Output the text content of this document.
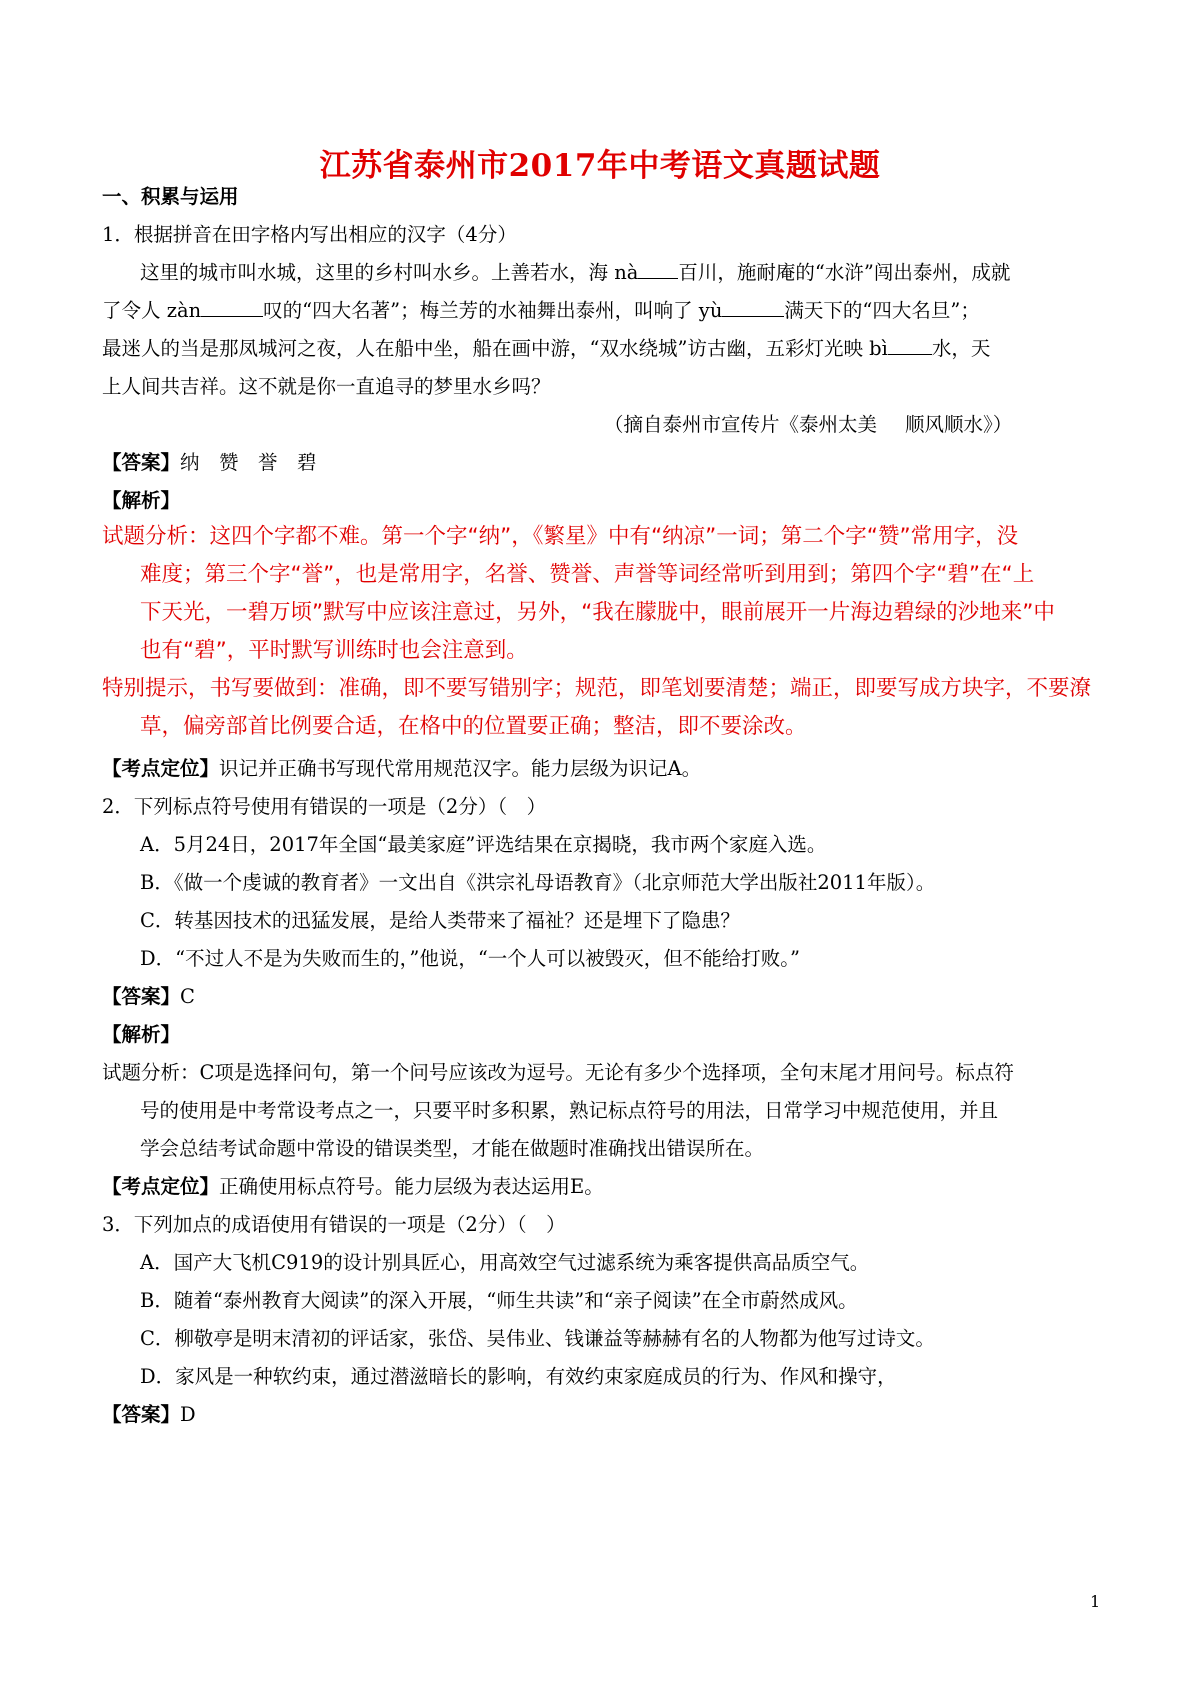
江苏省泰州市2017年中考语文真题试题
一、积累与运用
1．根据拼音在田字格内写出相应的汉字（4分）
这里的城市叫水城，这里的乡村叫水乡。上善若水，海 nà 百川，施耐庵的“水浒”闯出泰州，成就
了令人 zàn	叹的“四大名著”；梅兰芳的水袖舞出泰州，叫响了 yù	满天下的“四大名旦”；
最迷人的当是那凤城河之夜，人在船中坐，船在画中游，“双水绕城”访古幽，五彩灯光映 bì 水，天
上人间共吉祥。这不就是你一直追寻的梦里水乡吗？
（摘自泰州市宣传片《泰州太美 顺风顺水》）
【答案】纳　赞　誉　碧
【解析】
试题分析：这四个字都不难。第一个字“纳”，《繁星》中有“纳凉”一词；第二个字“赞”常用字，没
难度；第三个字“誉”，也是常用字，名誉、赞誉、声誉等词经常听到用到；第四个字“碧”在“上
下天光，一碧万顷”默写中应该注意过，另外，“我在朦胧中，眼前展开一片海边碧绿的沙地来”中
也有“碧”，平时默写训练时也会注意到。
特别提示，书写要做到：准确，即不要写错别字；规范，即笔划要清楚；端正，即要写成方块字，不要潦
草，偏旁部首比例要合适，在格中的位置要正确；整洁，即不要涂改。
【考点定位】识记并正确书写现代常用规范汉字。能力层级为识记A。
2．下列标点符号使用有错误的一项是（2分）（　）
A．5月24日，2017年全国“最美家庭”评选结果在京揭晓，我市两个家庭入选。
B．《做一个虔诚的教育者》一文出自《洪宗礼母语教育》（北京师范大学出版社2011年版）。
C．转基因技术的迅猛发展，是给人类带来了福祉？还是埋下了隐患？
D．“不过人不是为失败而生的，”他说，“一个人可以被毁灭，但不能给打败。”
【答案】C
【解析】
试题分析：C项是选择问句，第一个问号应该改为逗号。无论有多少个选择项，全句末尾才用问号。标点符
号的使用是中考常设考点之一，只要平时多积累，熟记标点符号的用法，日常学习中规范使用，并且
学会总结考试命题中常设的错误类型，才能在做题时准确找出错误所在。
【考点定位】正确使用标点符号。能力层级为表达运用E。
3．下列加点的成语使用有错误的一项是（2分）（　）
A．国产大飞机C919的设计别具匠心，用高效空气过滤系统为乘客提供高品质空气。
B．随着“泰州教育大阅读”的深入开展，“师生共读”和“亲子阅读”在全市蔚然成风。
C．柳敬亭是明末清初的评话家，张岱、吴伟业、钱谦益等赫赫有名的人物都为他写过诗文。
D．家风是一种软约束，通过潜滋暗长的影响，有效约束家庭成员的行为、作风和操守，
【答案】D
1
